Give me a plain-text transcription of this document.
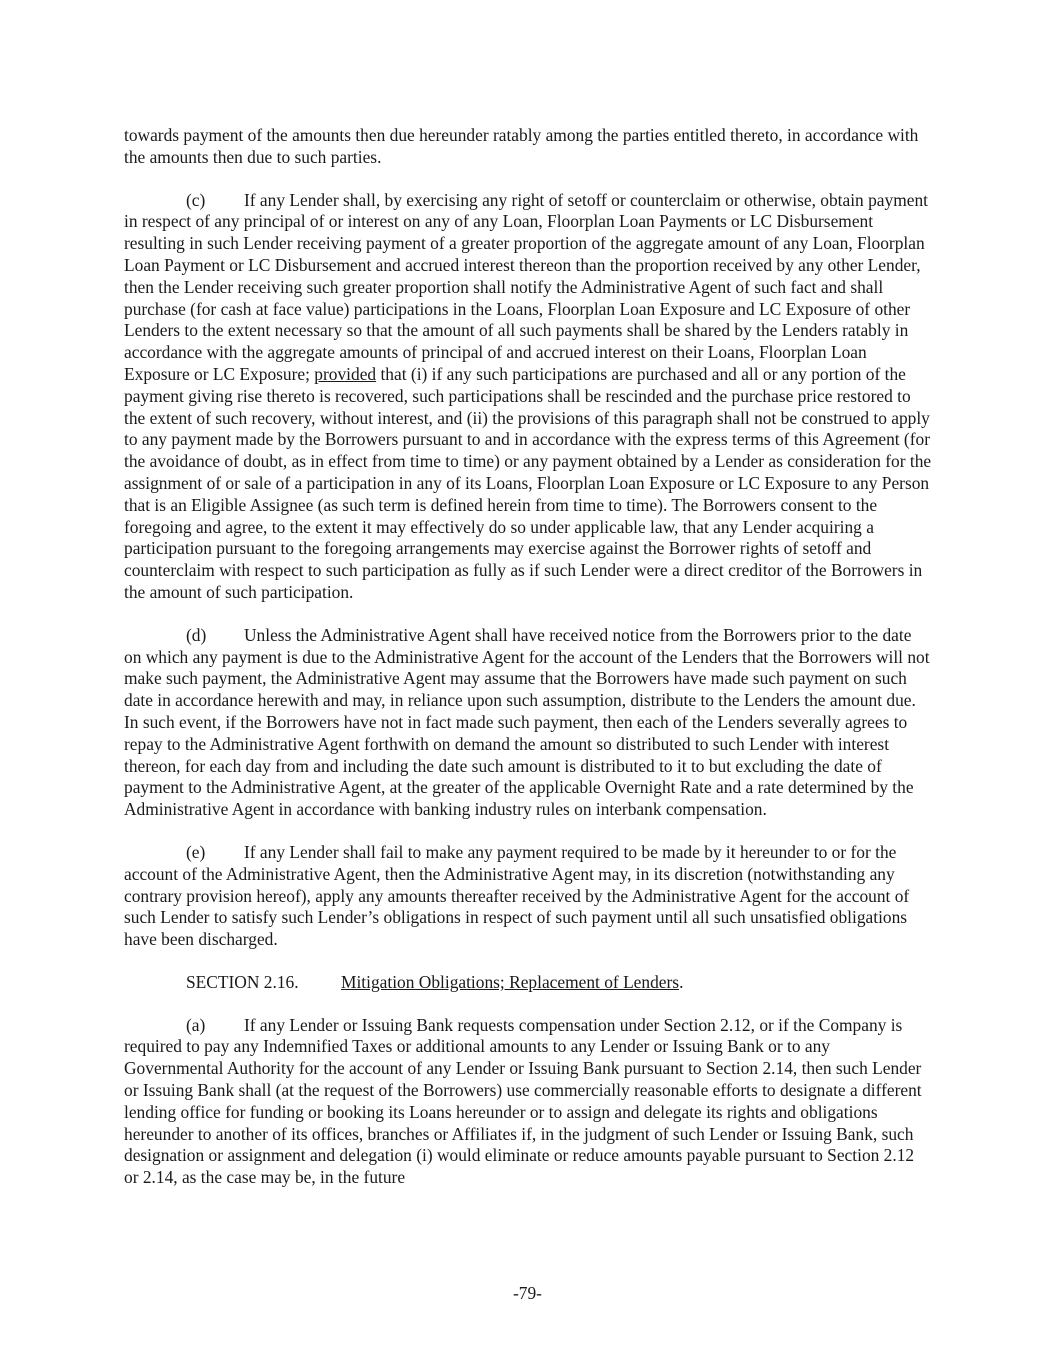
towards payment of the amounts then due hereunder ratably among the parties entitled thereto, in accordance with the amounts then due to such parties.

(c) If any Lender shall, by exercising any right of setoff or counterclaim or otherwise, obtain payment in respect of any principal of or interest on any of any Loan, Floorplan Loan Payments or LC Disbursement resulting in such Lender receiving payment of a greater proportion of the aggregate amount of any Loan, Floorplan Loan Payment or LC Disbursement and accrued interest thereon than the proportion received by any other Lender, then the Lender receiving such greater proportion shall notify the Administrative Agent of such fact and shall purchase (for cash at face value) participations in the Loans, Floorplan Loan Exposure and LC Exposure of other Lenders to the extent necessary so that the amount of all such payments shall be shared by the Lenders ratably in accordance with the aggregate amounts of principal of and accrued interest on their Loans, Floorplan Loan Exposure or LC Exposure; provided that (i) if any such participations are purchased and all or any portion of the payment giving rise thereto is recovered, such participations shall be rescinded and the purchase price restored to the extent of such recovery, without interest, and (ii) the provisions of this paragraph shall not be construed to apply to any payment made by the Borrowers pursuant to and in accordance with the express terms of this Agreement (for the avoidance of doubt, as in effect from time to time) or any payment obtained by a Lender as consideration for the assignment of or sale of a participation in any of its Loans, Floorplan Loan Exposure or LC Exposure to any Person that is an Eligible Assignee (as such term is defined herein from time to time). The Borrowers consent to the foregoing and agree, to the extent it may effectively do so under applicable law, that any Lender acquiring a participation pursuant to the foregoing arrangements may exercise against the Borrower rights of setoff and counterclaim with respect to such participation as fully as if such Lender were a direct creditor of the Borrowers in the amount of such participation.

(d) Unless the Administrative Agent shall have received notice from the Borrowers prior to the date on which any payment is due to the Administrative Agent for the account of the Lenders that the Borrowers will not make such payment, the Administrative Agent may assume that the Borrowers have made such payment on such date in accordance herewith and may, in reliance upon such assumption, distribute to the Lenders the amount due. In such event, if the Borrowers have not in fact made such payment, then each of the Lenders severally agrees to repay to the Administrative Agent forthwith on demand the amount so distributed to such Lender with interest thereon, for each day from and including the date such amount is distributed to it to but excluding the date of payment to the Administrative Agent, at the greater of the applicable Overnight Rate and a rate determined by the Administrative Agent in accordance with banking industry rules on interbank compensation.

(e) If any Lender shall fail to make any payment required to be made by it hereunder to or for the account of the Administrative Agent, then the Administrative Agent may, in its discretion (notwithstanding any contrary provision hereof), apply any amounts thereafter received by the Administrative Agent for the account of such Lender to satisfy such Lender’s obligations in respect of such payment until all such unsatisfied obligations have been discharged.

SECTION 2.16. Mitigation Obligations; Replacement of Lenders.

(a) If any Lender or Issuing Bank requests compensation under Section 2.12, or if the Company is required to pay any Indemnified Taxes or additional amounts to any Lender or Issuing Bank or to any Governmental Authority for the account of any Lender or Issuing Bank pursuant to Section 2.14, then such Lender or Issuing Bank shall (at the request of the Borrowers) use commercially reasonable efforts to designate a different lending office for funding or booking its Loans hereunder or to assign and delegate its rights and obligations hereunder to another of its offices, branches or Affiliates if, in the judgment of such Lender or Issuing Bank, such designation or assignment and delegation (i) would eliminate or reduce amounts payable pursuant to Section 2.12 or 2.14, as the case may be, in the future

-79-
